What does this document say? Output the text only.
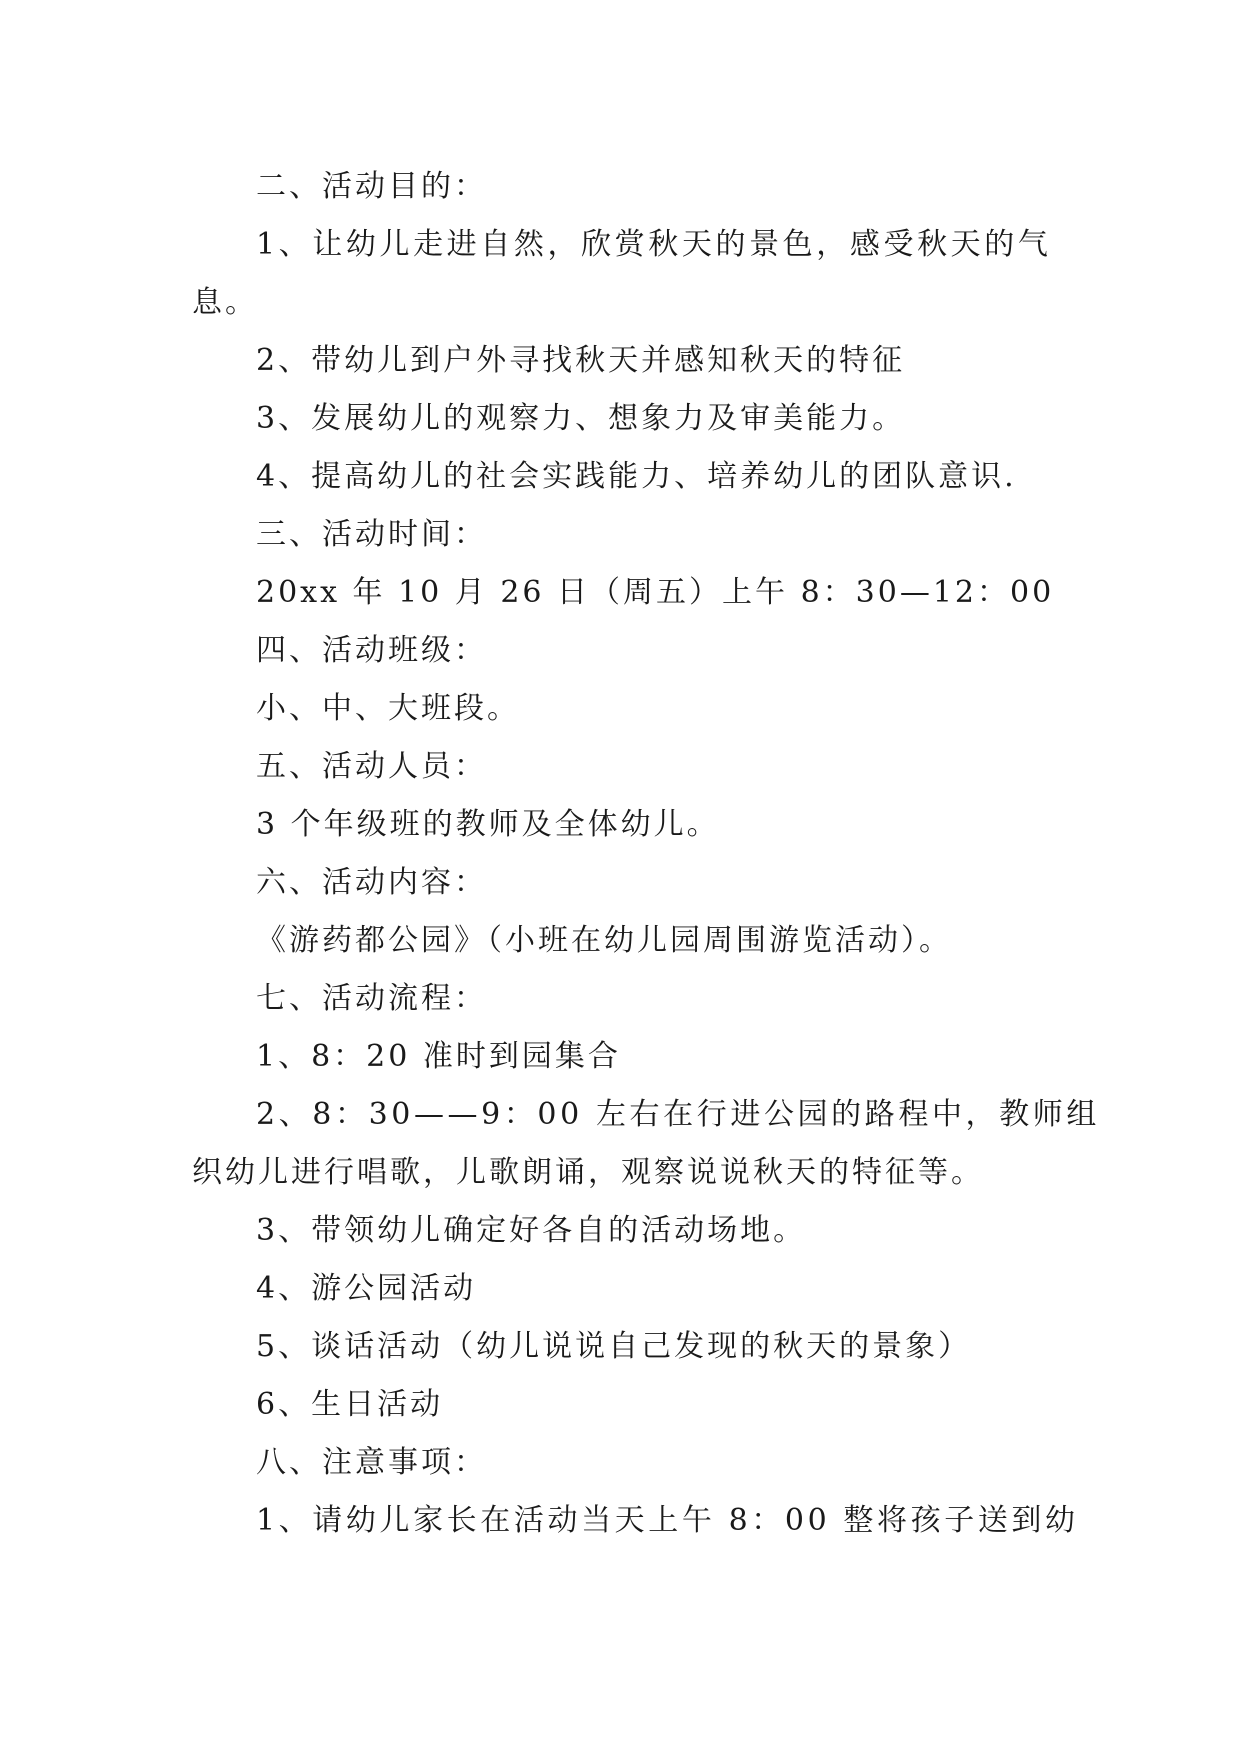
二、活动目的：

1、让幼儿走进自然，欣赏秋天的景色，感受秋天的气

息。

2、带幼儿到户外寻找秋天并感知秋天的特征

3、发展幼儿的观察力、想象力及审美能力。

4、提高幼儿的社会实践能力、培养幼儿的团队意识.

三、活动时间：

20xx 年 10 月 26 日（周五）上午 8：30—12：00

四、活动班级：

小、中、大班段。

五、活动人员：

3 个年级班的教师及全体幼儿。

六、活动内容：

《游药都公园》（小班在幼儿园周围游览活动）。

七、活动流程：

1、8：20 准时到园集合

2、8：30——9：00 左右在行进公园的路程中，教师组

织幼儿进行唱歌，儿歌朗诵，观察说说秋天的特征等。

3、带领幼儿确定好各自的活动场地。

4、游公园活动

5、谈话活动（幼儿说说自己发现的秋天的景象）

6、生日活动

八、注意事项：

1、请幼儿家长在活动当天上午 8：00 整将孩子送到幼
